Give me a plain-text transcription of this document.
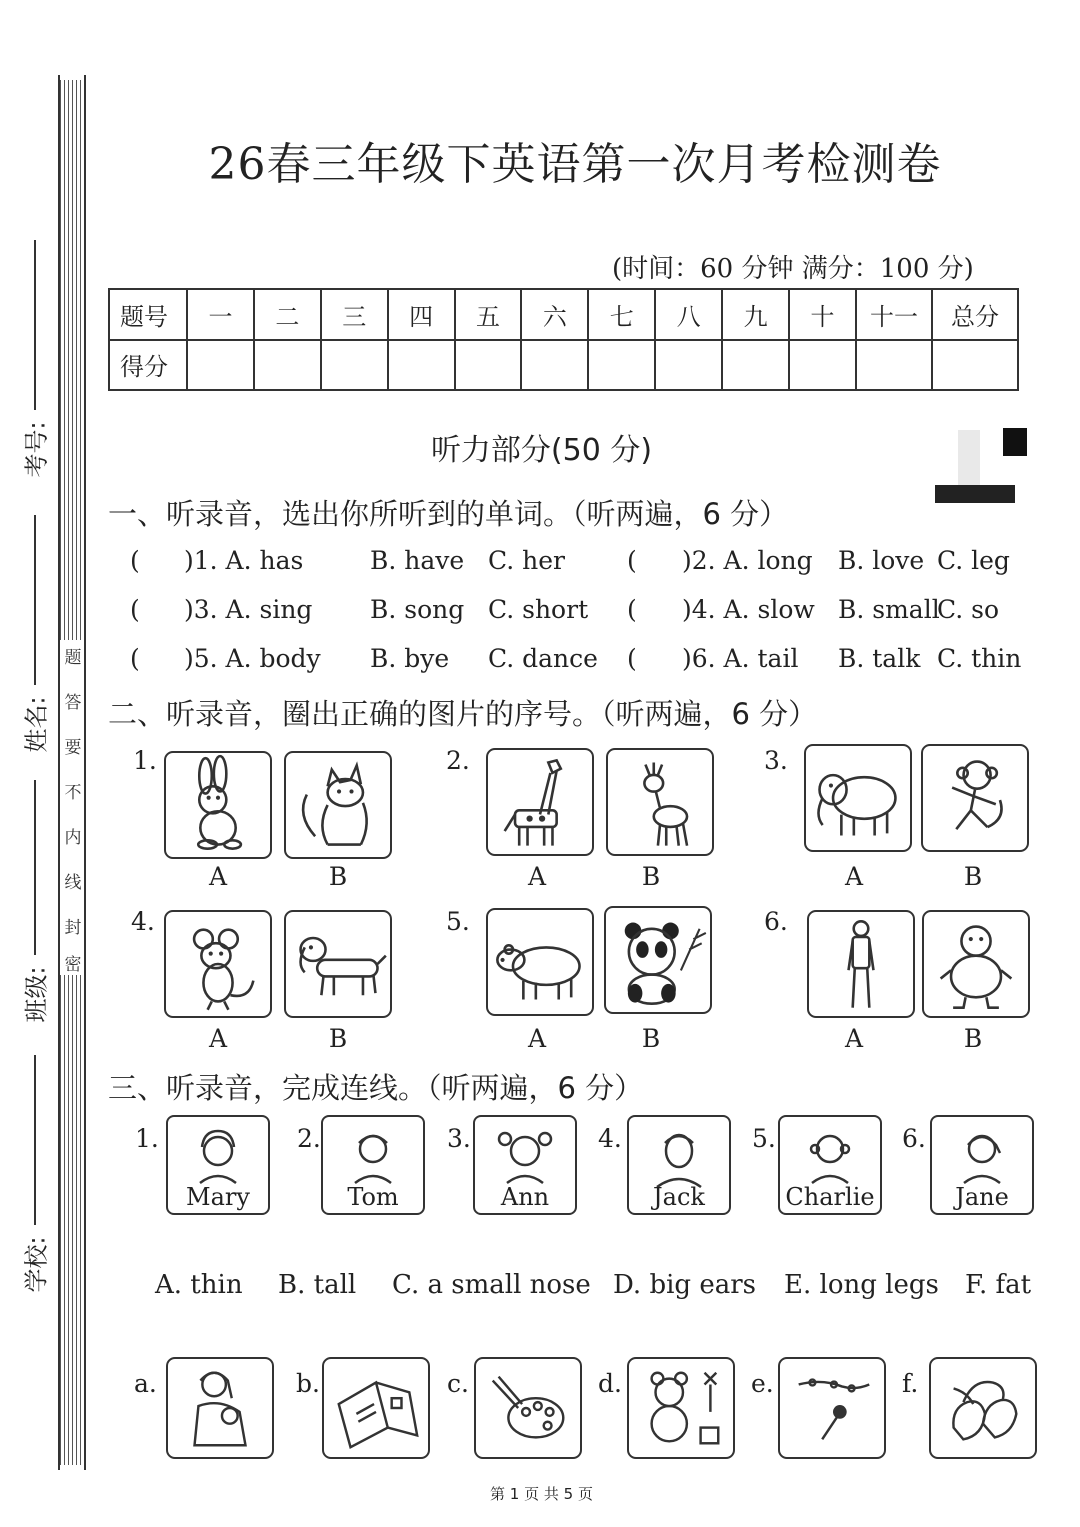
考号:
姓名:
班级:
学校:
题
答
要
不
内
线
封
密
26春三年级下英语第一次月考检测卷
(时间：60 分钟 满分：100 分)
题号	一	二	三	四	五	六	七	八	九	十	十一	总分
得分												
听力部分(50 分)
一、听录音，选出你所听到的单词。（听两遍，6 分）
( )1. A. has	B. have C. her ( )2. A. long B. love C. leg
( )3. A. sing B. song C. short ( )4. A. slow B. small
C. so
( )5. A. body B. bye C. dance ( )6. A. tail B. talk C. thin
二、听录音，圈出正确的图片的序号。（听两遍，6 分）
1.
A	B
2.
A	B
3.
A	B
4.
A	B
5.
A	B
6.
A	B
三、听录音，完成连线。（听两遍，6 分）
1.
Mary
2.
Tom
3.
Ann
4.
Jack
5.
Charlie
6.
Jane
A. thin B. tall C. a small nose D. big ears E. long legs F. fat
a.	b.	c.	d.	e.	f.
第 1 页 共 5 页
